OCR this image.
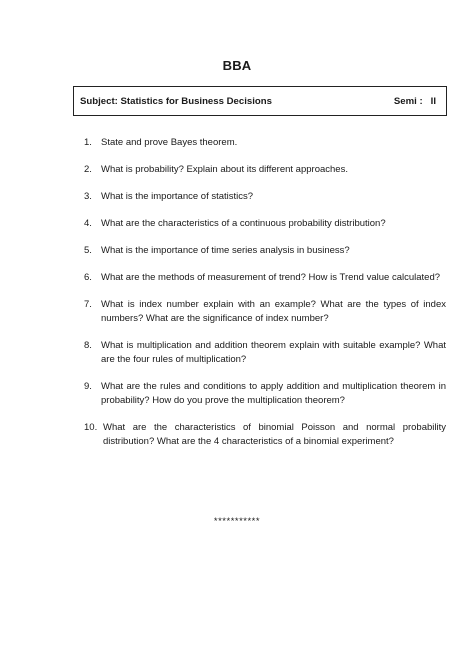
BBA
Subject: Statistics for Business Decisions	Semi : II
1. State and prove Bayes theorem.
2. What is probability? Explain about its different approaches.
3. What is the importance of statistics?
4. What are the characteristics of a continuous probability distribution?
5. What is the importance of time series analysis in business?
6. What are the methods of measurement of trend? How is Trend value calculated?
7. What is index number explain with an example? What are the types of index numbers? What are the significance of index number?
8. What is multiplication and addition theorem explain with suitable example? What are the four rules of multiplication?
9. What are the rules and conditions to apply addition and multiplication theorem in probability? How do you prove the multiplication theorem?
10. What are the characteristics of binomial Poisson and normal probability distribution? What are the 4 characteristics of a binomial experiment?
***********
